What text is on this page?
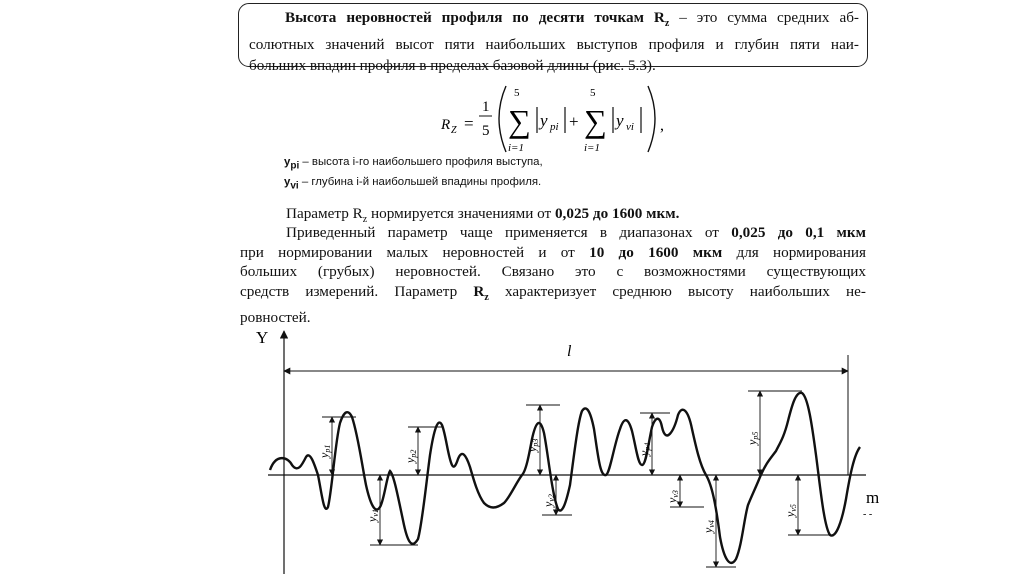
Высота неровностей профиля по десяти точкам $R_z$ – это сумма средних аб-
солютных значений высот пяти наибольших выступов профиля и глубин пяти наи-
больших впадин профиля в пределах базовой длины (рис. 5.3).
R Z =
1
5
5
∑
i=1
y pi +
5
∑
i=1
y vi ,
$y_{pi}$ – высота i-го наибольшего профиля выступа,
$y_{vi}$ – глубина i-й наибольшей впадины профиля.
Параметр $R_z$ нормируется значениями от 0,025 до 1600 мкм.
Приведенный параметр чаще применяется в диапазонах от 0,025 до 0,1 мкм
при нормировании малых неровностей и от 10 до 1600 мкм для нормирования
больших (грубых) неровностей. Связано это с возможностями существующих
средств измерений. Параметр $R_z$ характеризует среднюю высоту наибольших не-
ровностей.
Y
m
‑ ‑
l
yp1
yp2
yp3
yp4
yp5
yv1
yv2	yv3
yv4
yv5
